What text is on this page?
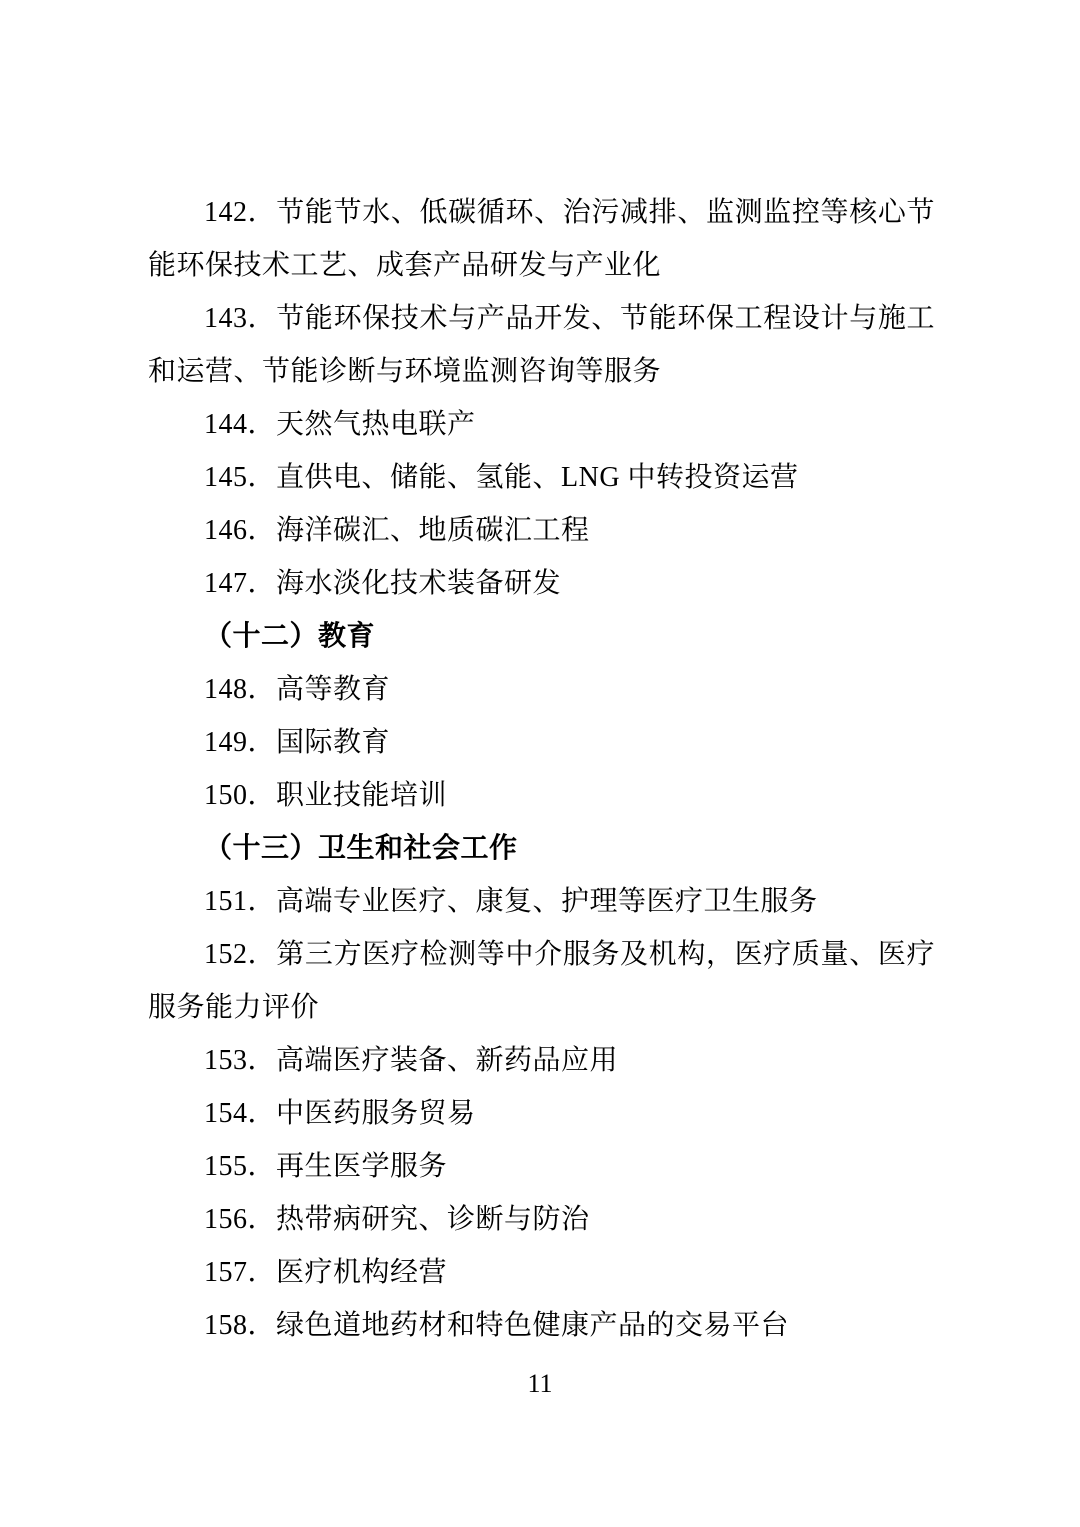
142．节能节水、低碳循环、治污减排、监测监控等核心节能环保技术工艺、成套产品研发与产业化

143．节能环保技术与产品开发、节能环保工程设计与施工和运营、节能诊断与环境监测咨询等服务

144．天然气热电联产

145．直供电、储能、氢能、LNG 中转投资运营

146．海洋碳汇、地质碳汇工程

147．海水淡化技术装备研发

（十二）教育

148．高等教育

149．国际教育

150．职业技能培训

（十三）卫生和社会工作

151．高端专业医疗、康复、护理等医疗卫生服务

152．第三方医疗检测等中介服务及机构，医疗质量、医疗服务能力评价

153．高端医疗装备、新药品应用

154．中医药服务贸易

155．再生医学服务

156．热带病研究、诊断与防治

157．医疗机构经营

158．绿色道地药材和特色健康产品的交易平台

11
